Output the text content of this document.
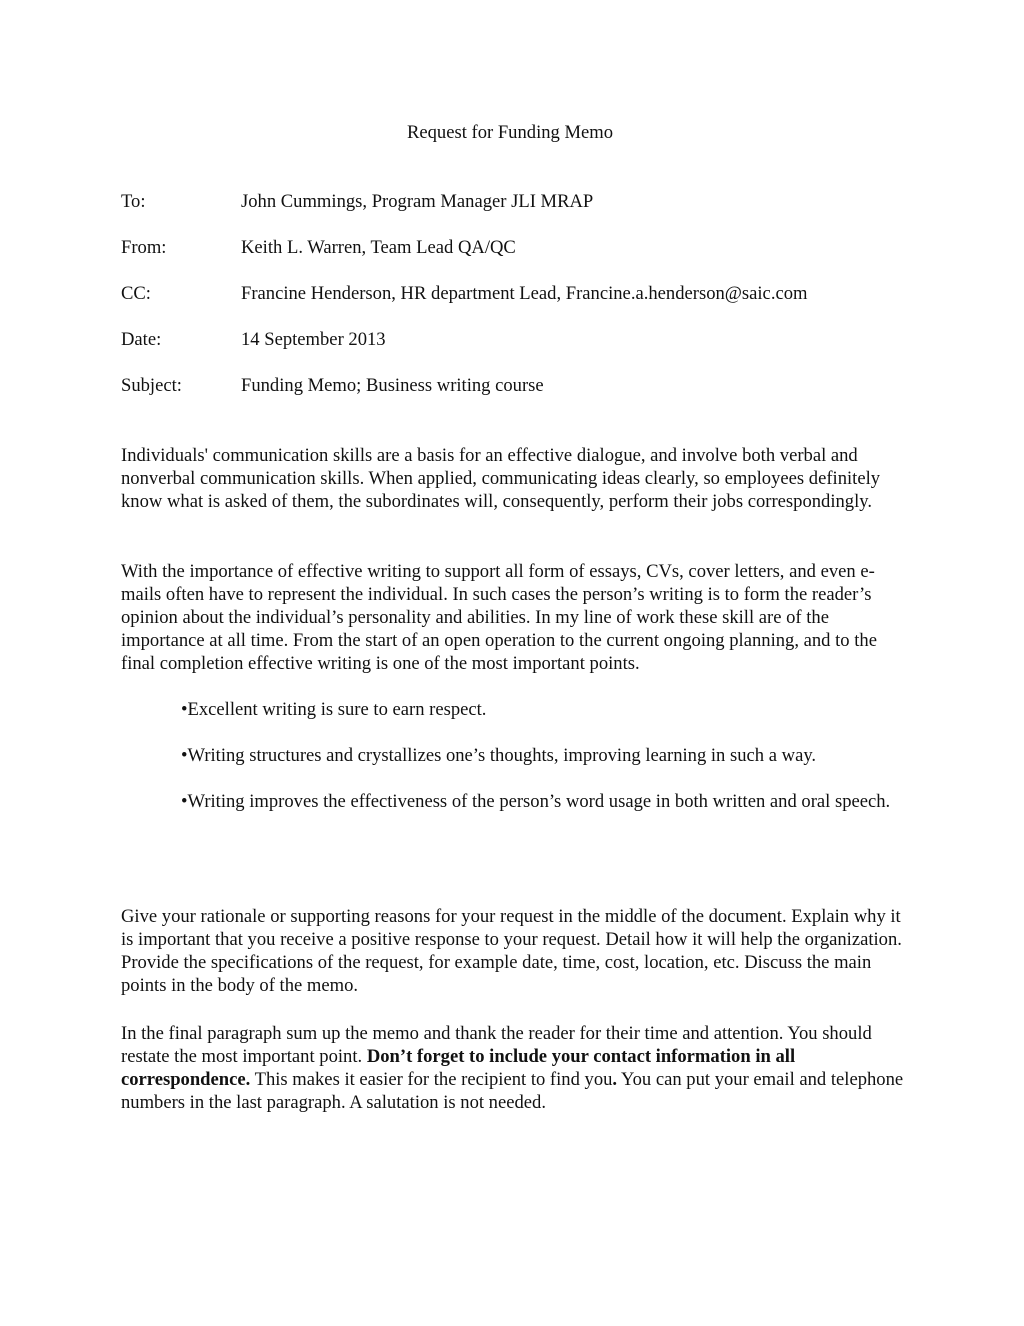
Request for Funding Memo
To:	John Cummings, Program Manager JLI MRAP
From:	Keith L. Warren, Team Lead QA/QC
CC:	Francine Henderson, HR department Lead, Francine.a.henderson@saic.com
Date:	14 September 2013
Subject:	Funding Memo; Business writing course

Individuals' communication skills are a basis for an effective dialogue, and involve both verbal and nonverbal communication skills. When applied, communicating ideas clearly, so employees definitely know what is asked of them, the subordinates will, consequently, perform their jobs correspondingly.

With the importance of effective writing to support all form of essays, CVs, cover letters, and even e-mails often have to represent the individual. In such cases the person’s writing is to form the reader’s opinion about the individual’s personality and abilities. In my line of work these skill are of the importance at all time. From the start of an open operation to the current ongoing planning, and to the final completion effective writing is one of the most important points.

•Excellent writing is sure to earn respect.

•Writing structures and crystallizes one’s thoughts, improving learning in such a way.

•Writing improves the effectiveness of the person’s word usage in both written and oral speech.

Give your rationale or supporting reasons for your request in the middle of the document. Explain why it is important that you receive a positive response to your request. Detail how it will help the organization. Provide the specifications of the request, for example date, time, cost, location, etc. Discuss the main points in the body of the memo.

In the final paragraph sum up the memo and thank the reader for their time and attention. You should restate the most important point. Don’t forget to include your contact information in all correspondence. This makes it easier for the recipient to find you. You can put your email and telephone numbers in the last paragraph. A salutation is not needed.
